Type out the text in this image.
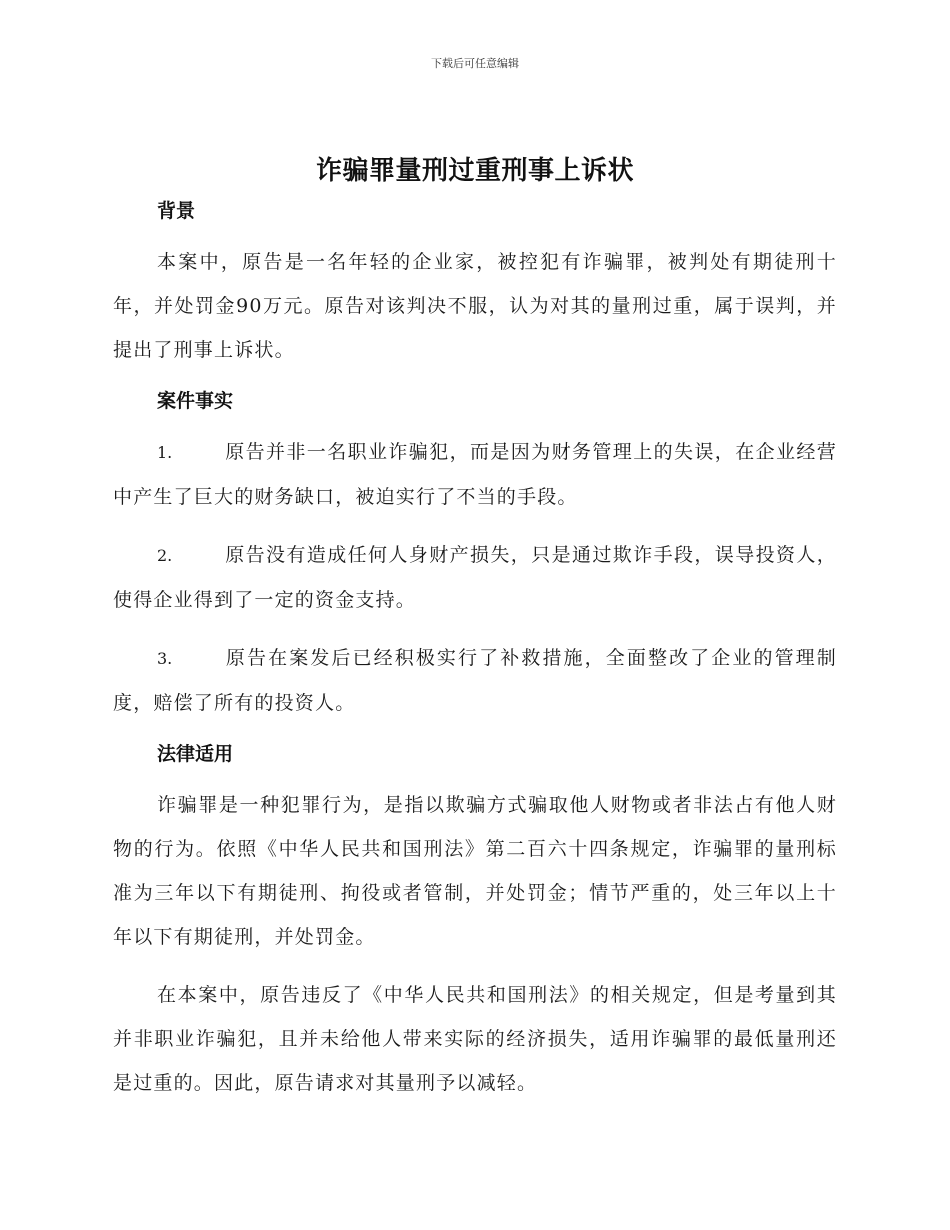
下载后可任意编辑
诈骗罪量刑过重刑事上诉状
背景
本案中，原告是一名年轻的企业家，被控犯有诈骗罪，被判处有期徒刑十年，并处罚金90万元。原告对该判决不服，认为对其的量刑过重，属于误判，并提出了刑事上诉状。
案件事实
1.	原告并非一名职业诈骗犯，而是因为财务管理上的失误，在企业经营中产生了巨大的财务缺口，被迫实行了不当的手段。
2.	原告没有造成任何人身财产损失，只是通过欺诈手段，误导投资人，使得企业得到了一定的资金支持。
3.	原告在案发后已经积极实行了补救措施，全面整改了企业的管理制度，赔偿了所有的投资人。
法律适用
诈骗罪是一种犯罪行为，是指以欺骗方式骗取他人财物或者非法占有他人财物的行为。依照《中华人民共和国刑法》第二百六十四条规定，诈骗罪的量刑标准为三年以下有期徒刑、拘役或者管制，并处罚金；情节严重的，处三年以上十年以下有期徒刑，并处罚金。
在本案中，原告违反了《中华人民共和国刑法》的相关规定，但是考量到其并非职业诈骗犯，且并未给他人带来实际的经济损失，适用诈骗罪的最低量刑还是过重的。因此，原告请求对其量刑予以减轻。
